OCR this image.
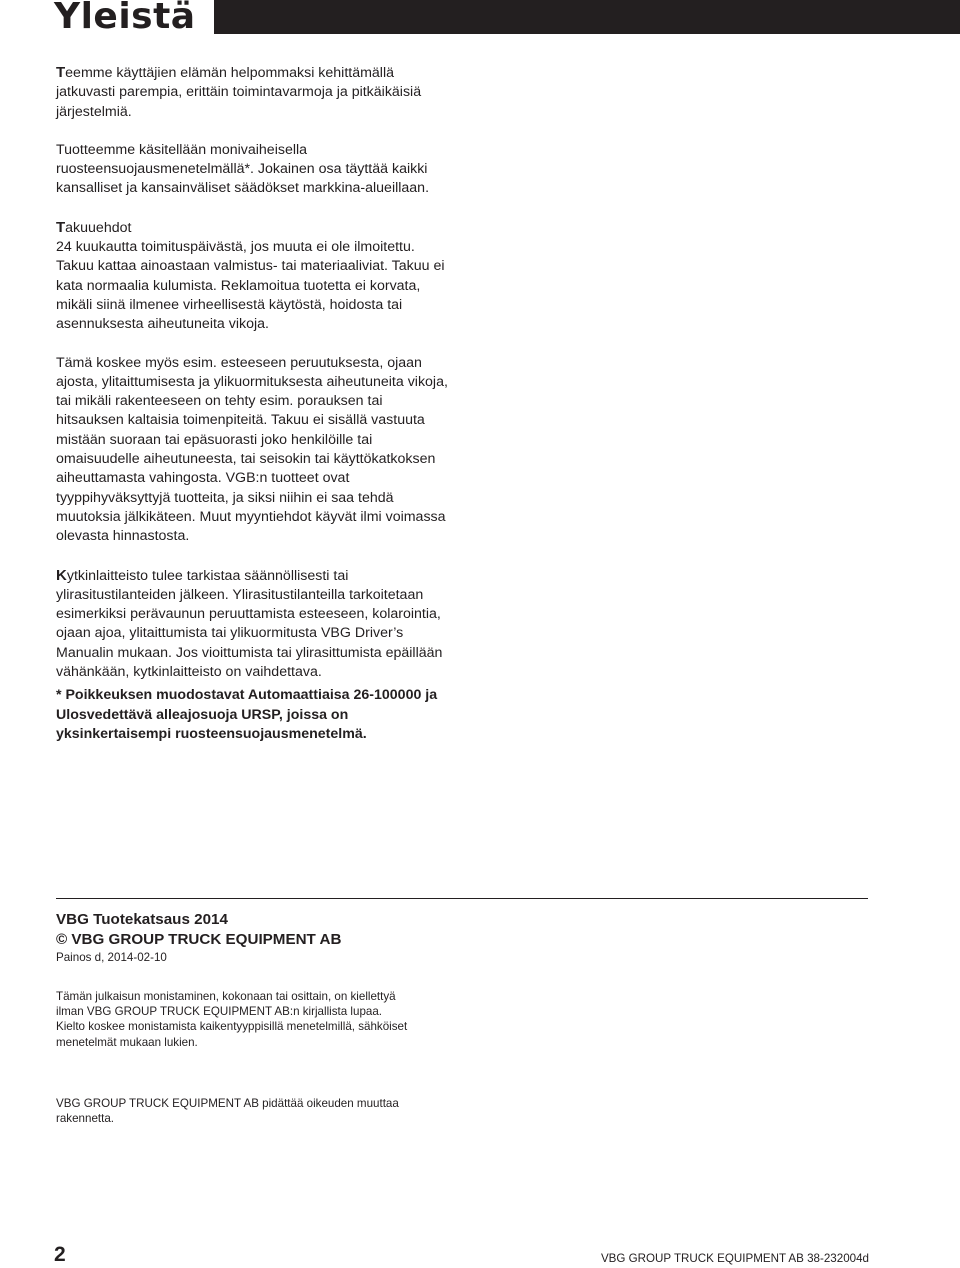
Yleistä

Teemme käyttäjien elämän helpommaksi kehittämällä jatkuvasti parempia, erittäin toimintavarmoja ja pitkäikäisiä järjestelmiä.

Tuotteemme käsitellään monivaiheisella ruosteensuojausmenetelmällä*. Jokainen osa täyttää kaikki kansalliset ja kansainväliset säädökset markkina-alueillaan.

Takuuehdot
24 kuukautta toimituspäivästä, jos muuta ei ole ilmoitettu. Takuu kattaa ainoastaan valmistus- tai materiaaliviat. Takuu ei kata normaalia kulumista. Reklamoitua tuotetta ei korvata, mikäli siinä ilmenee virheellisestä käytöstä, hoidosta tai asennuksesta aiheutuneita vikoja.

Tämä koskee myös esim. esteeseen peruutuksesta, ojaan ajosta, ylitaittumisesta ja ylikuormituksesta aiheutuneita vikoja, tai mikäli rakenteeseen on tehty esim. porauksen tai hitsauksen kaltaisia toimenpiteitä. Takuu ei sisällä vastuuta mistään suoraan tai epäsuorasti joko henkilöille tai omaisuudelle aiheutuneesta, tai seisokin tai käyttökatkoksen aiheuttamasta vahingosta. VGB:n tuotteet ovat tyyppihyväksyttyjä tuotteita, ja siksi niihin ei saa tehdä muutoksia jälkikäteen. Muut myyntiehdot käyvät ilmi voimassa olevasta hinnastosta.

Kytkinlaitteisto tulee tarkistaa säännöllisesti tai ylirasitustilanteiden jälkeen. Ylirasitustilanteilla tarkoitetaan esimerkiksi perävaunun peruuttamista esteeseen, kolarointia, ojaan ajoa, ylitaittumista tai ylikuormitusta VBG Driver’s Manualin mukaan. Jos vioittumista tai ylirasittumista epäillään vähänkään, kytkinlaitteisto on vaihdettava.

* Poikkeuksen muodostavat Automaattiaisa 26-100000 ja Ulosvedettävä alleajosuoja URSP, joissa on yksinkertaisempi ruosteensuojausmenetelmä.

VBG Tuotekatsaus 2014

© VBG GROUP TRUCK EQUIPMENT AB

Painos d, 2014-02-10

Tämän julkaisun monistaminen, kokonaan tai osittain, on kiellettyä ilman VBG GROUP TRUCK EQUIPMENT AB:n kirjallista lupaa.

Kielto koskee monistamista kaikentyyppisillä menetelmillä, sähköiset menetelmät mukaan lukien.

VBG GROUP TRUCK EQUIPMENT AB pidättää oikeuden muuttaa rakennetta.
2	VBG GROUP TRUCK EQUIPMENT AB 38-232004d
